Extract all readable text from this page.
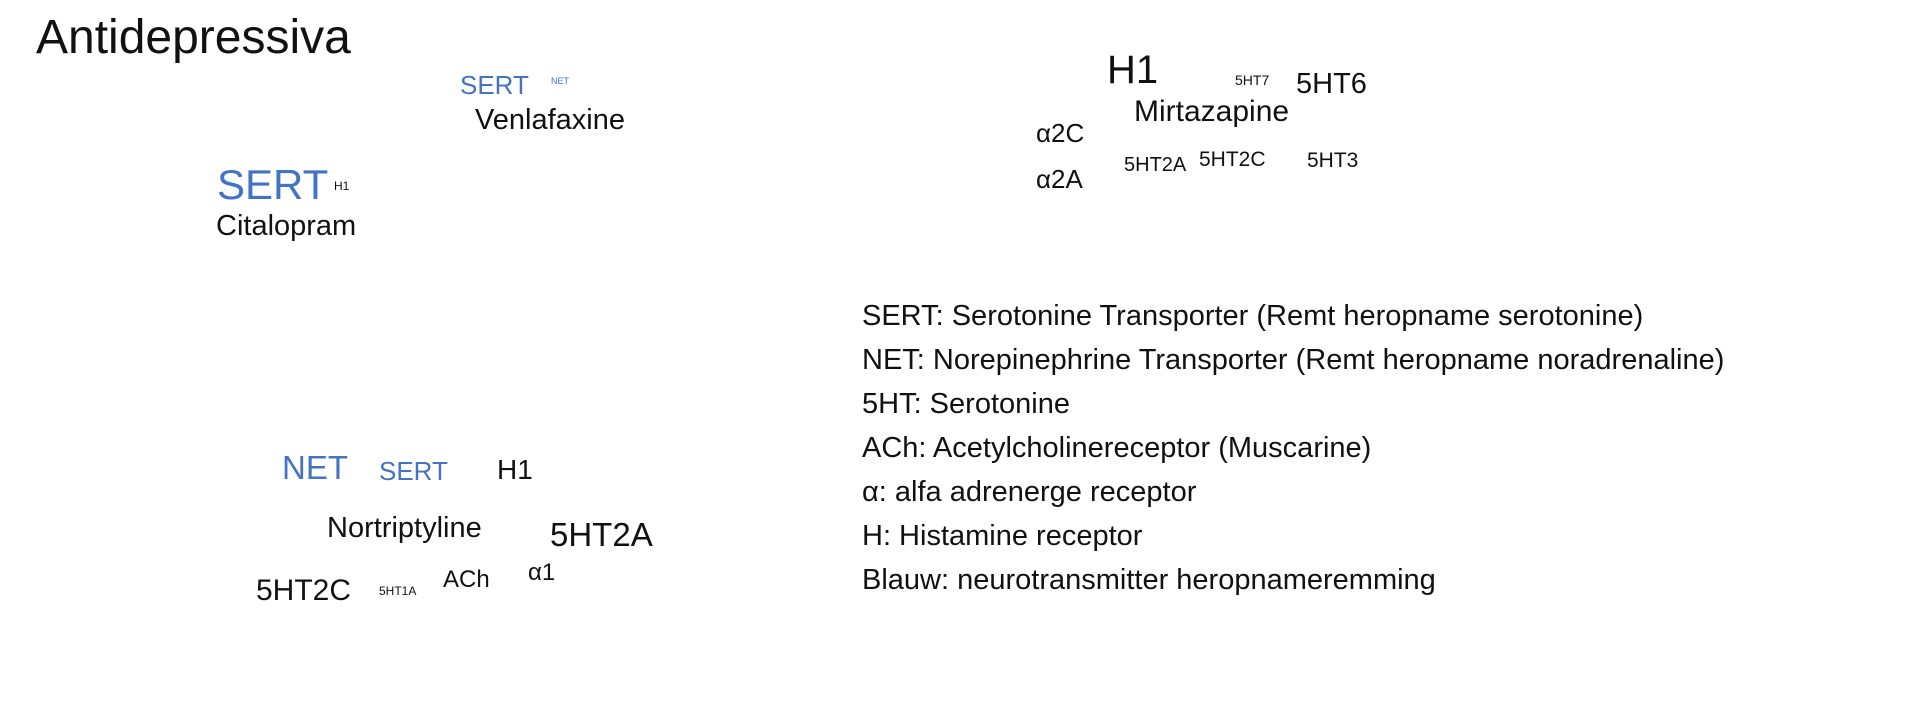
Antidepressiva
SERT NET
Venlafaxine
SERT H1
Citalopram
H1	5HT7 5HT6
Mirtazapine
α2C
α2A 5HT2A 5HT2C 5HT3
NET SERT H1
Nortriptyline 5HT2A
5HT2C 5HT1A ACh α1
SERT: Serotonine Transporter (Remt heropname serotonine)
NET: Norepinephrine Transporter (Remt heropname noradrenaline)
5HT: Serotonine
ACh: Acetylcholinereceptor (Muscarine)
α: alfa adrenerge receptor
H: Histamine receptor
Blauw: neurotransmitter heropnameremming
